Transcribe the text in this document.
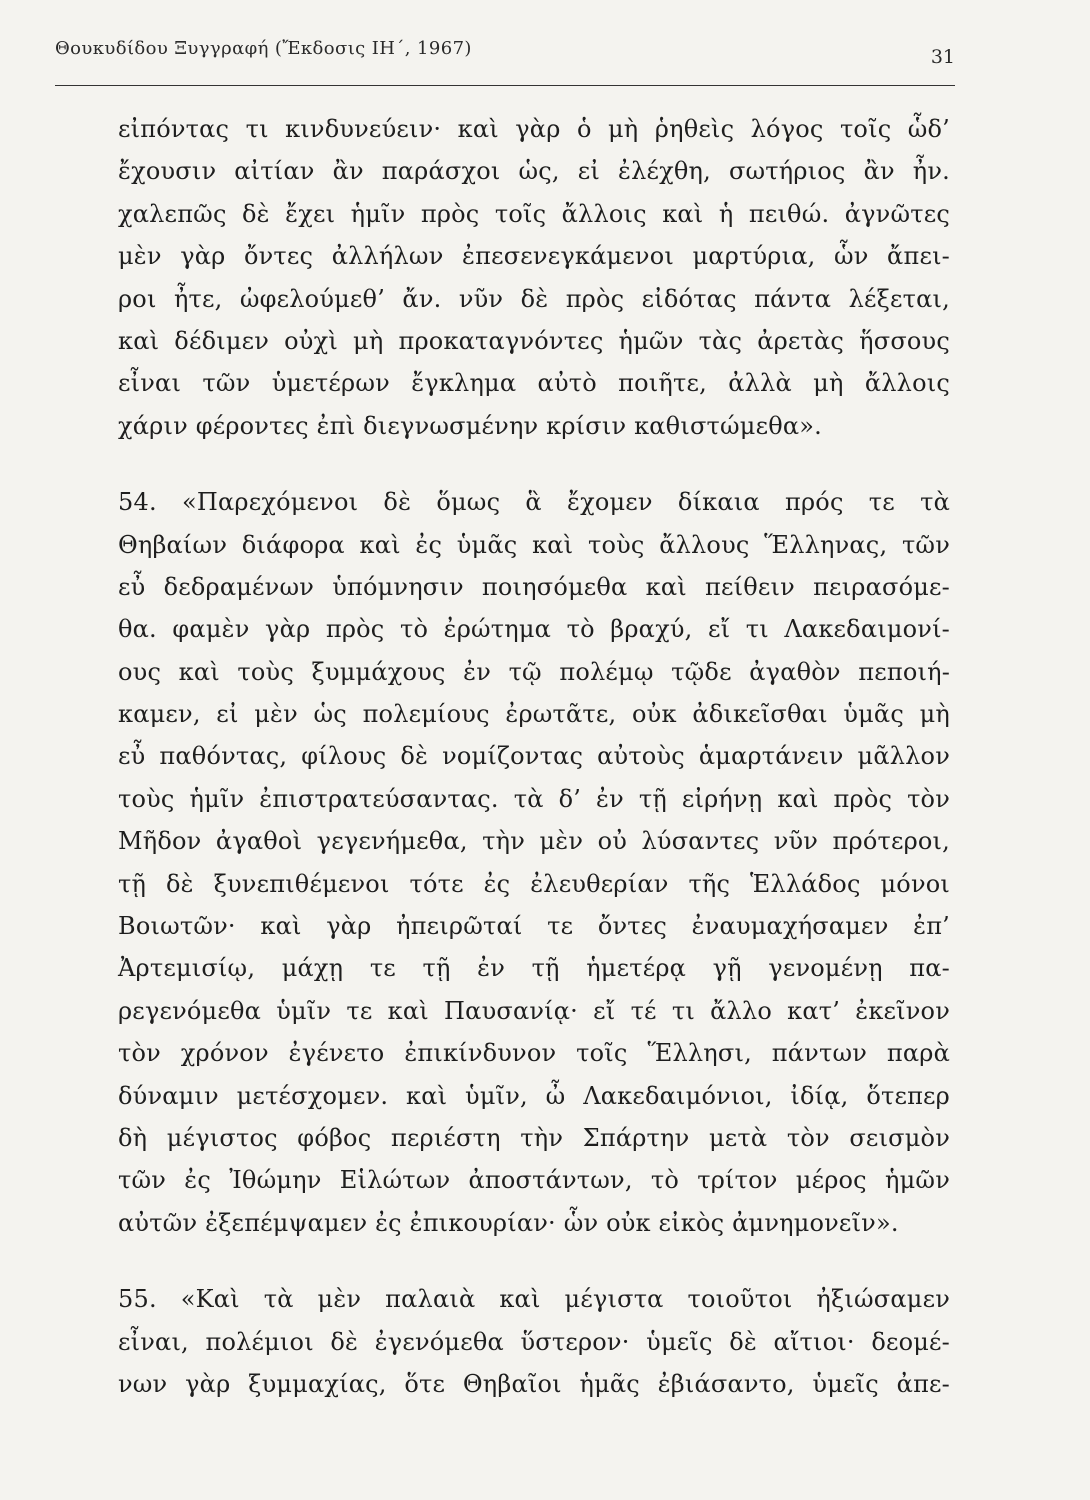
Θουκυδίδου Ξυγγραφή (Ἔκδοσις ΙΗ΄, 1967)	31
εἰπόντας τι κινδυνεύειν· καὶ γὰρ ὁ μὴ ῥηθεὶς λόγος τοῖς ὧδ’
ἔχουσιν αἰτίαν ἂν παράσχοι ὡς, εἰ ἐλέχθη, σωτήριος ἂν ἦν.
χαλεπῶς δὲ ἔχει ἡμῖν πρὸς τοῖς ἄλλοις καὶ ἡ πειθώ. ἀγνῶτες
μὲν γὰρ ὄντες ἀλλήλων ἐπεσενεγκάμενοι μαρτύρια, ὧν ἄπει-
ροι ἦτε, ὠφελούμεθ’ ἄν. νῦν δὲ πρὸς εἰδότας πάντα λέξεται,
καὶ δέδιμεν οὐχὶ μὴ προκαταγνόντες ἡμῶν τὰς ἀρετὰς ἥσσους
εἶναι τῶν ὑμετέρων ἔγκλημα αὐτὸ ποιῆτε, ἀλλὰ μὴ ἄλλοις
χάριν φέροντες ἐπὶ διεγνωσμένην κρίσιν καθιστώμεθα».
54. «Παρεχόμενοι δὲ ὅμως ἃ ἔχομεν δίκαια πρός τε τὰ
Θηβαίων διάφορα καὶ ἐς ὑμᾶς καὶ τοὺς ἄλλους Ἕλληνας, τῶν
εὖ δεδραμένων ὑπόμνησιν ποιησόμεθα καὶ πείθειν πειρασόμε-
θα. φαμὲν γὰρ πρὸς τὸ ἐρώτημα τὸ βραχύ, εἴ τι Λακεδαιμονί-
ους καὶ τοὺς ξυμμάχους ἐν τῷ πολέμῳ τῷδε ἀγαθὸν πεποιή-
καμεν, εἰ μὲν ὡς πολεμίους ἐρωτᾶτε, οὐκ ἀδικεῖσθαι ὑμᾶς μὴ
εὖ παθόντας, φίλους δὲ νομίζοντας αὐτοὺς ἁμαρτάνειν μᾶλλον
τοὺς ἡμῖν ἐπιστρατεύσαντας. τὰ δ’ ἐν τῇ εἰρήνῃ καὶ πρὸς τὸν
Μῆδον ἀγαθοὶ γεγενήμεθα, τὴν μὲν οὐ λύσαντες νῦν πρότεροι,
τῇ δὲ ξυνεπιθέμενοι τότε ἐς ἐλευθερίαν τῆς Ἑλλάδος μόνοι
Βοιωτῶν· καὶ γὰρ ἠπειρῶταί τε ὄντες ἐναυμαχήσαμεν ἐπ’
Ἀρτεμισίῳ, μάχῃ τε τῇ ἐν τῇ ἡμετέρᾳ γῇ γενομένῃ πα-
ρεγενόμεθα ὑμῖν τε καὶ Παυσανίᾳ· εἴ τέ τι ἄλλο κατ’ ἐκεῖνον
τὸν χρόνον ἐγένετο ἐπικίνδυνον τοῖς Ἕλλησι, πάντων παρὰ
δύναμιν μετέσχομεν. καὶ ὑμῖν, ὦ Λακεδαιμόνιοι, ἰδίᾳ, ὅτεπερ
δὴ μέγιστος φόβος περιέστη τὴν Σπάρτην μετὰ τὸν σεισμὸν
τῶν ἐς Ἰθώμην Εἱλώτων ἀποστάντων, τὸ τρίτον μέρος ἡμῶν
αὐτῶν ἐξεπέμψαμεν ἐς ἐπικουρίαν· ὧν οὐκ εἰκὸς ἀμνημονεῖν».
55. «Καὶ τὰ μὲν παλαιὰ καὶ μέγιστα τοιοῦτοι ἠξιώσαμεν
εἶναι, πολέμιοι δὲ ἐγενόμεθα ὕστερον· ὑμεῖς δὲ αἴτιοι· δεομέ-
νων γὰρ ξυμμαχίας, ὅτε Θηβαῖοι ἡμᾶς ἐβιάσαντο, ὑμεῖς ἀπε-
